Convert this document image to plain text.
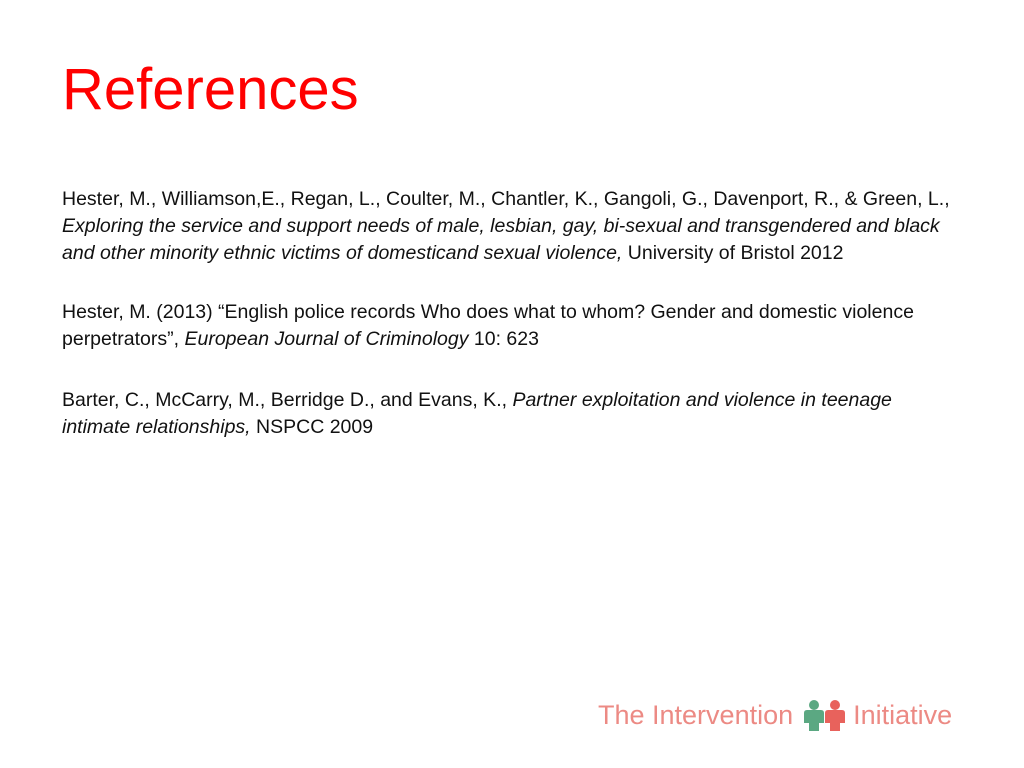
References

Hester, M., Williamson,E., Regan, L., Coulter, M., Chantler, K., Gangoli, G., Davenport, R., & Green, L., Exploring the service and support needs of male, lesbian, gay, bi-sexual and transgendered and black and other minority ethnic victims of domesticand sexual violence, University of Bristol 2012

Hester, M. (2013) “English police records Who does what to whom? Gender and domestic violence perpetrators”, European Journal of Criminology 10: 623

Barter, C., McCarry, M., Berridge D., and Evans, K., Partner exploitation and violence in teenage intimate relationships, NSPCC 2009

The Intervention Initiative
